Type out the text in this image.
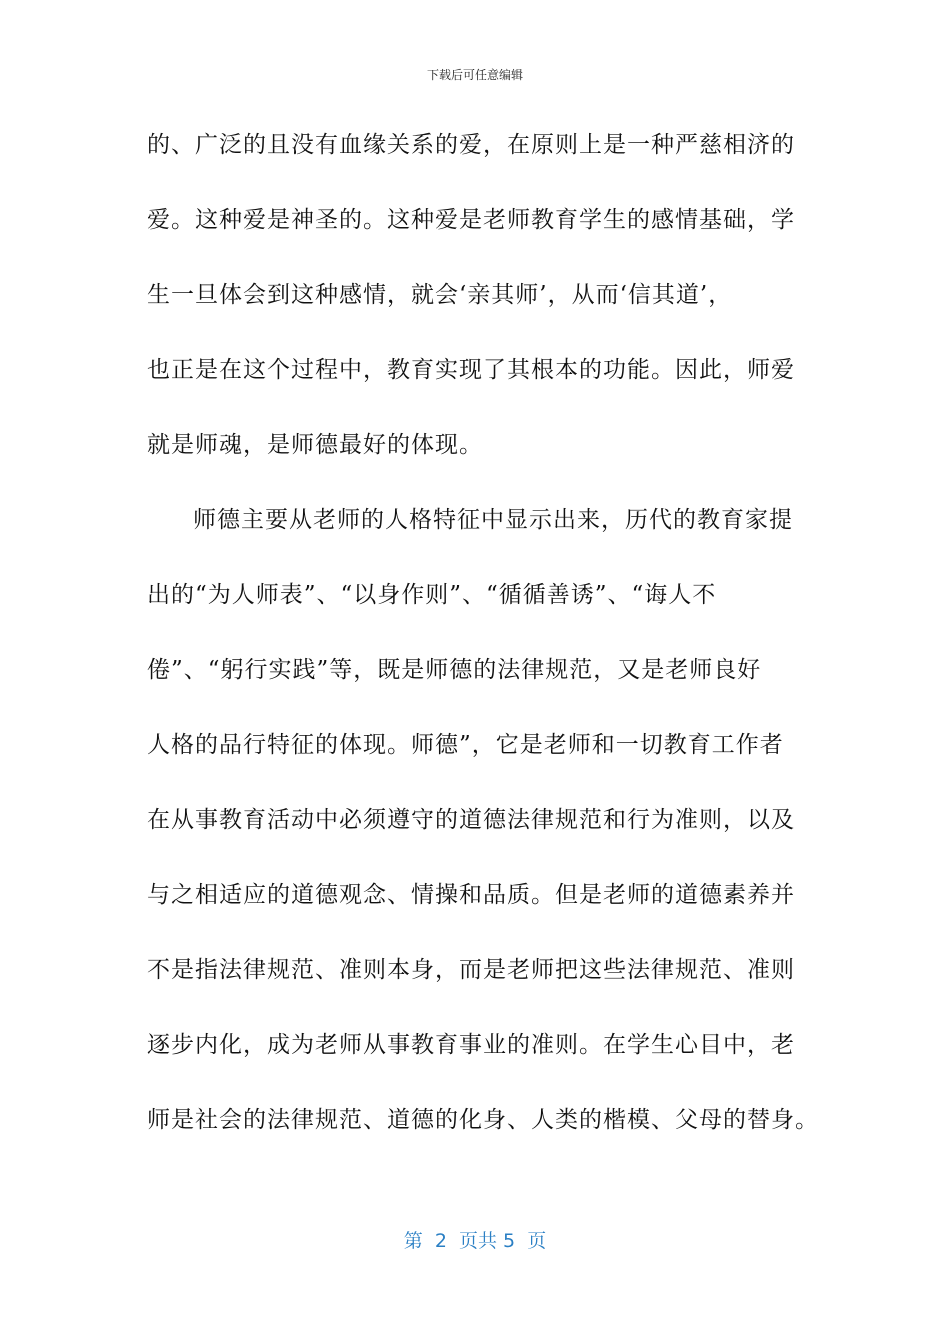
下载后可任意编辑
的、广泛的且没有血缘关系的爱，在原则上是一种严慈相济的
爱。这种爱是神圣的。这种爱是老师教育学生的感情基础，学
生一旦体会到这种感情，就会‘亲其师’，从而‘信其道’，
也正是在这个过程中，教育实现了其根本的功能。因此，师爱
就是师魂，是师德最好的体现。
师德主要从老师的人格特征中显示出来，历代的教育家提
出的“为人师表”、“以身作则”、“循循善诱”、“诲人不
倦”、“躬行实践”等，既是师德的法律规范，又是老师良好
人格的品行特征的体现。师德”，它是老师和一切教育工作者
在从事教育活动中必须遵守的道德法律规范和行为准则，以及
与之相适应的道德观念、情操和品质。但是老师的道德素养并
不是指法律规范、准则本身，而是老师把这些法律规范、准则
逐步内化，成为老师从事教育事业的准则。在学生心目中，老
师是社会的法律规范、道德的化身、人类的楷模、父母的替身。
第  2  页共 5  页
